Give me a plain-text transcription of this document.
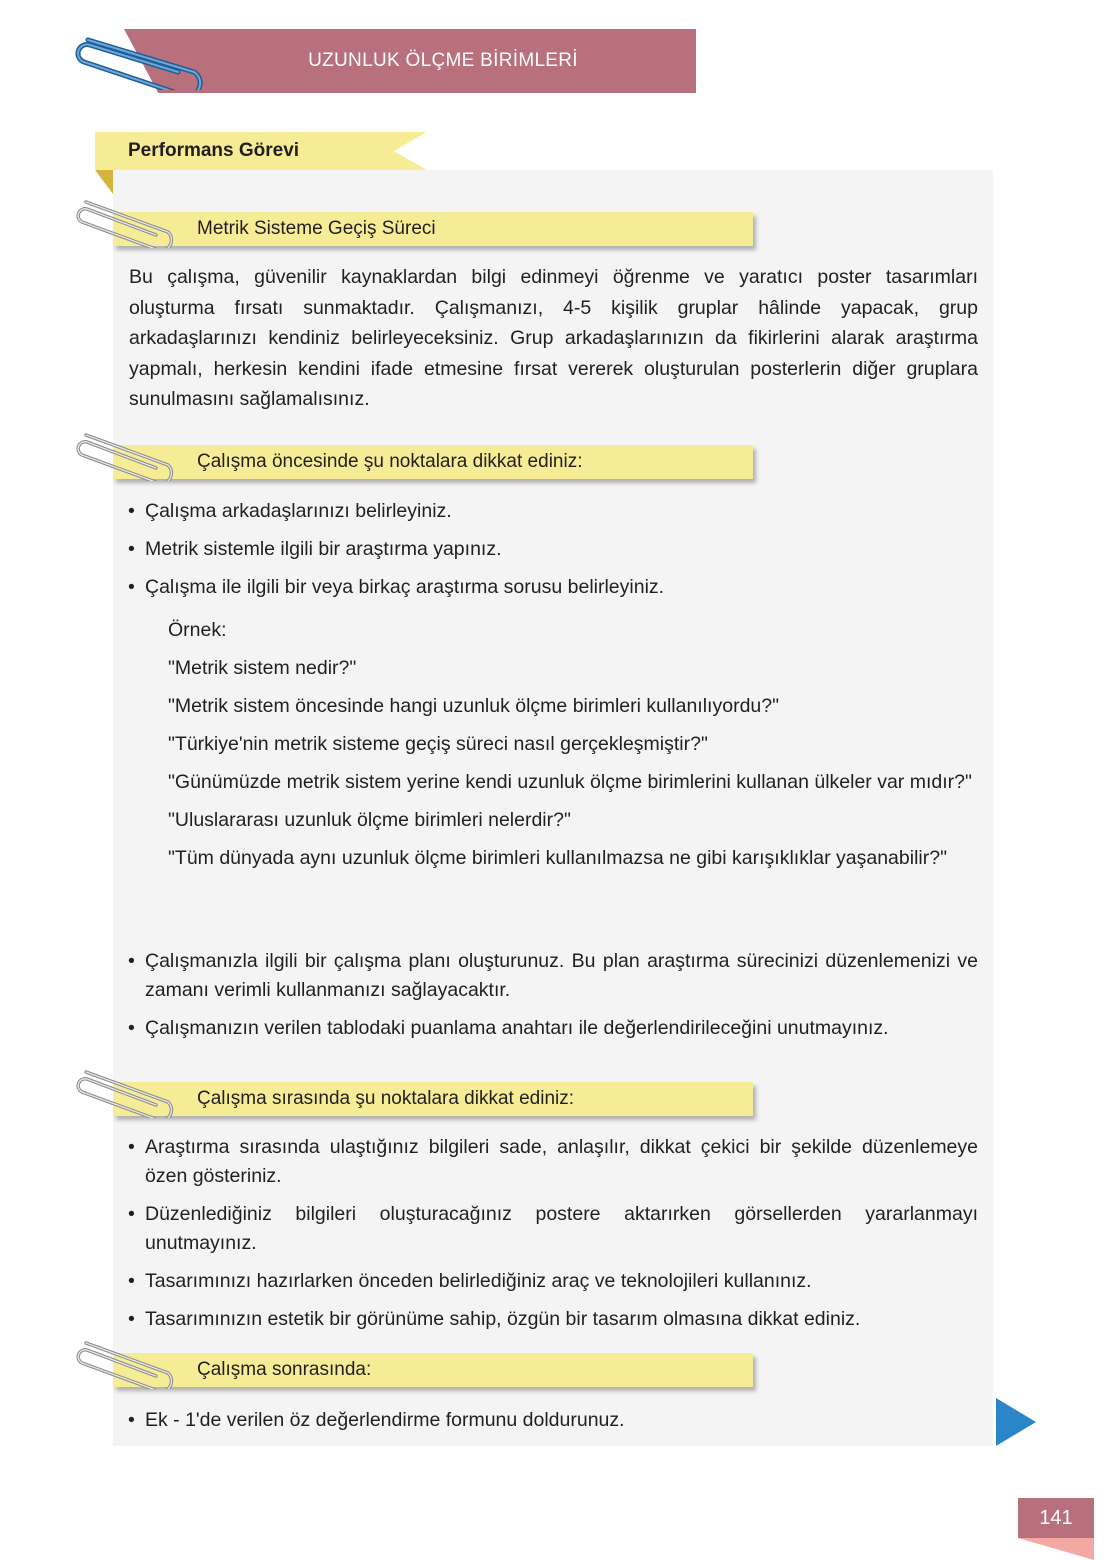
UZUNLUK ÖLÇME BİRİMLERİ
Performans Görevi
Metrik Sisteme Geçiş Süreci
Bu çalışma, güvenilir kaynaklardan bilgi edinmeyi öğrenme ve yaratıcı poster tasarımları oluşturma fırsatı sunmaktadır. Çalışmanızı, 4-5 kişilik gruplar hâlinde yapacak, grup arkadaşlarınızı kendiniz belirleyeceksiniz. Grup arkadaşlarınızın da fikirlerini alarak araştırma yapmalı, herkesin kendini ifade etmesine fırsat vererek oluşturulan posterlerin diğer gruplara sunulmasını sağlamalısınız.
Çalışma öncesinde şu noktalara dikkat ediniz:
• Çalışma arkadaşlarınızı belirleyiniz.
• Metrik sistemle ilgili bir araştırma yapınız.
• Çalışma ile ilgili bir veya birkaç araştırma sorusu belirleyiniz.
Örnek:
"Metrik sistem nedir?"
"Metrik sistem öncesinde hangi uzunluk ölçme birimleri kullanılıyordu?"
"Türkiye'nin metrik sisteme geçiş süreci nasıl gerçekleşmiştir?"
"Günümüzde metrik sistem yerine kendi uzunluk ölçme birimlerini kullanan ülkeler var mıdır?"
"Uluslararası uzunluk ölçme birimleri nelerdir?"
"Tüm dünyada aynı uzunluk ölçme birimleri kullanılmazsa ne gibi karışıklıklar yaşanabilir?"
• Çalışmanızla ilgili bir çalışma planı oluşturunuz. Bu plan araştırma sürecinizi düzenlemenizi ve zamanı verimli kullanmanızı sağlayacaktır.
• Çalışmanızın verilen tablodaki puanlama anahtarı ile değerlendirileceğini unutmayınız.
Çalışma sırasında şu noktalara dikkat ediniz:
• Araştırma sırasında ulaştığınız bilgileri sade, anlaşılır, dikkat çekici bir şekilde düzenlemeye özen gösteriniz.
• Düzenlediğiniz bilgileri oluşturacağınız postere aktarırken görsellerden yararlanmayı unutmayınız.
• Tasarımınızı hazırlarken önceden belirlediğiniz araç ve teknolojileri kullanınız.
• Tasarımınızın estetik bir görünüme sahip, özgün bir tasarım olmasına dikkat ediniz.
Çalışma sonrasında:
• Ek - 1'de verilen öz değerlendirme formunu doldurunuz.
141
